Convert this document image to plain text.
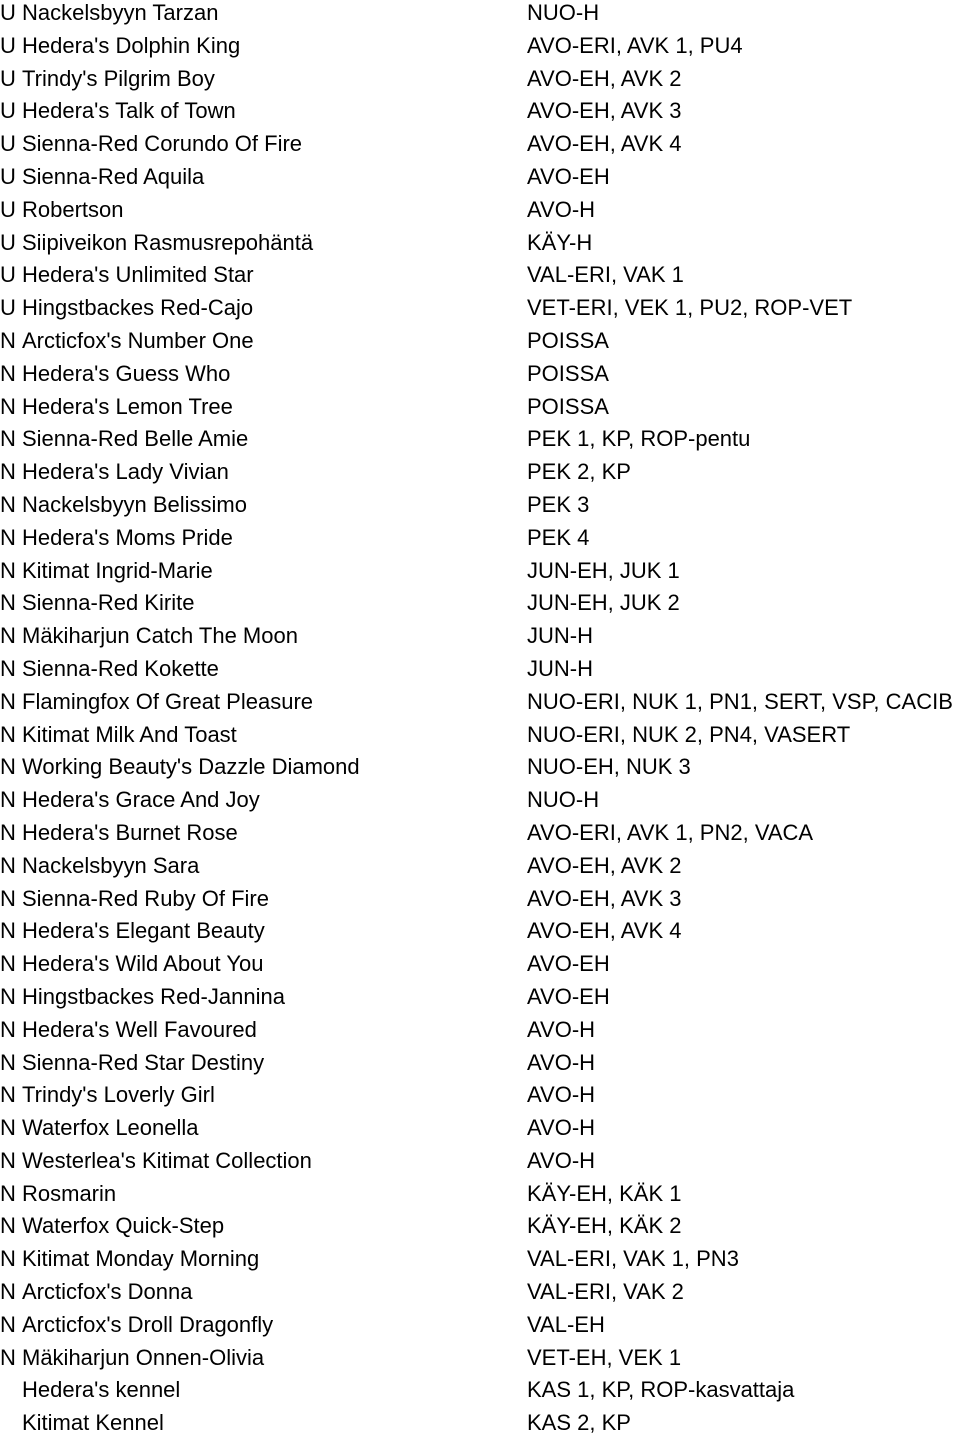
U Nackelsbyyn Tarzan	NUO-H
U Hedera's Dolphin King	AVO-ERI, AVK 1, PU4
U Trindy's Pilgrim Boy	AVO-EH, AVK 2
U Hedera's Talk of Town	AVO-EH, AVK 3
U Sienna-Red Corundo Of Fire	AVO-EH, AVK 4
U Sienna-Red Aquila	AVO-EH
U Robertson	AVO-H
U Siipiveikon Rasmusrepohäntä	KÄY-H
U Hedera's Unlimited Star	VAL-ERI, VAK 1
U Hingstbackes Red-Cajo	VET-ERI, VEK 1, PU2, ROP-VET
N Arcticfox's Number One	POISSA
N Hedera's Guess Who	POISSA
N Hedera's Lemon Tree	POISSA
N Sienna-Red Belle Amie	PEK 1, KP, ROP-pentu
N Hedera's Lady Vivian	PEK 2, KP
N Nackelsbyyn Belissimo	PEK 3
N Hedera's Moms Pride	PEK 4
N Kitimat Ingrid-Marie	JUN-EH, JUK 1
N Sienna-Red Kirite	JUN-EH, JUK 2
N Mäkiharjun Catch The Moon	JUN-H
N Sienna-Red Kokette	JUN-H
N Flamingfox Of Great Pleasure	NUO-ERI, NUK 1, PN1, SERT, VSP, CACIB
N Kitimat Milk And Toast	NUO-ERI, NUK 2, PN4, VASERT
N Working Beauty's Dazzle Diamond	NUO-EH, NUK 3
N Hedera's Grace And Joy	NUO-H
N Hedera's Burnet Rose	AVO-ERI, AVK 1, PN2, VACA
N Nackelsbyyn Sara	AVO-EH, AVK 2
N Sienna-Red Ruby Of Fire	AVO-EH, AVK 3
N Hedera's Elegant Beauty	AVO-EH, AVK 4
N Hedera's Wild About You	AVO-EH
N Hingstbackes Red-Jannina	AVO-EH
N Hedera's Well Favoured	AVO-H
N Sienna-Red Star Destiny	AVO-H
N Trindy's Loverly Girl	AVO-H
N Waterfox Leonella	AVO-H
N Westerlea's Kitimat Collection	AVO-H
N Rosmarin	KÄY-EH, KÄK 1
N Waterfox Quick-Step	KÄY-EH, KÄK 2
N Kitimat Monday Morning	VAL-ERI, VAK 1, PN3
N Arcticfox's Donna	VAL-ERI, VAK 2
N Arcticfox's Droll Dragonfly	VAL-EH
N Mäkiharjun Onnen-Olivia	VET-EH, VEK 1
Hedera's kennel	KAS 1, KP, ROP-kasvattaja
Kitimat Kennel	KAS 2, KP
